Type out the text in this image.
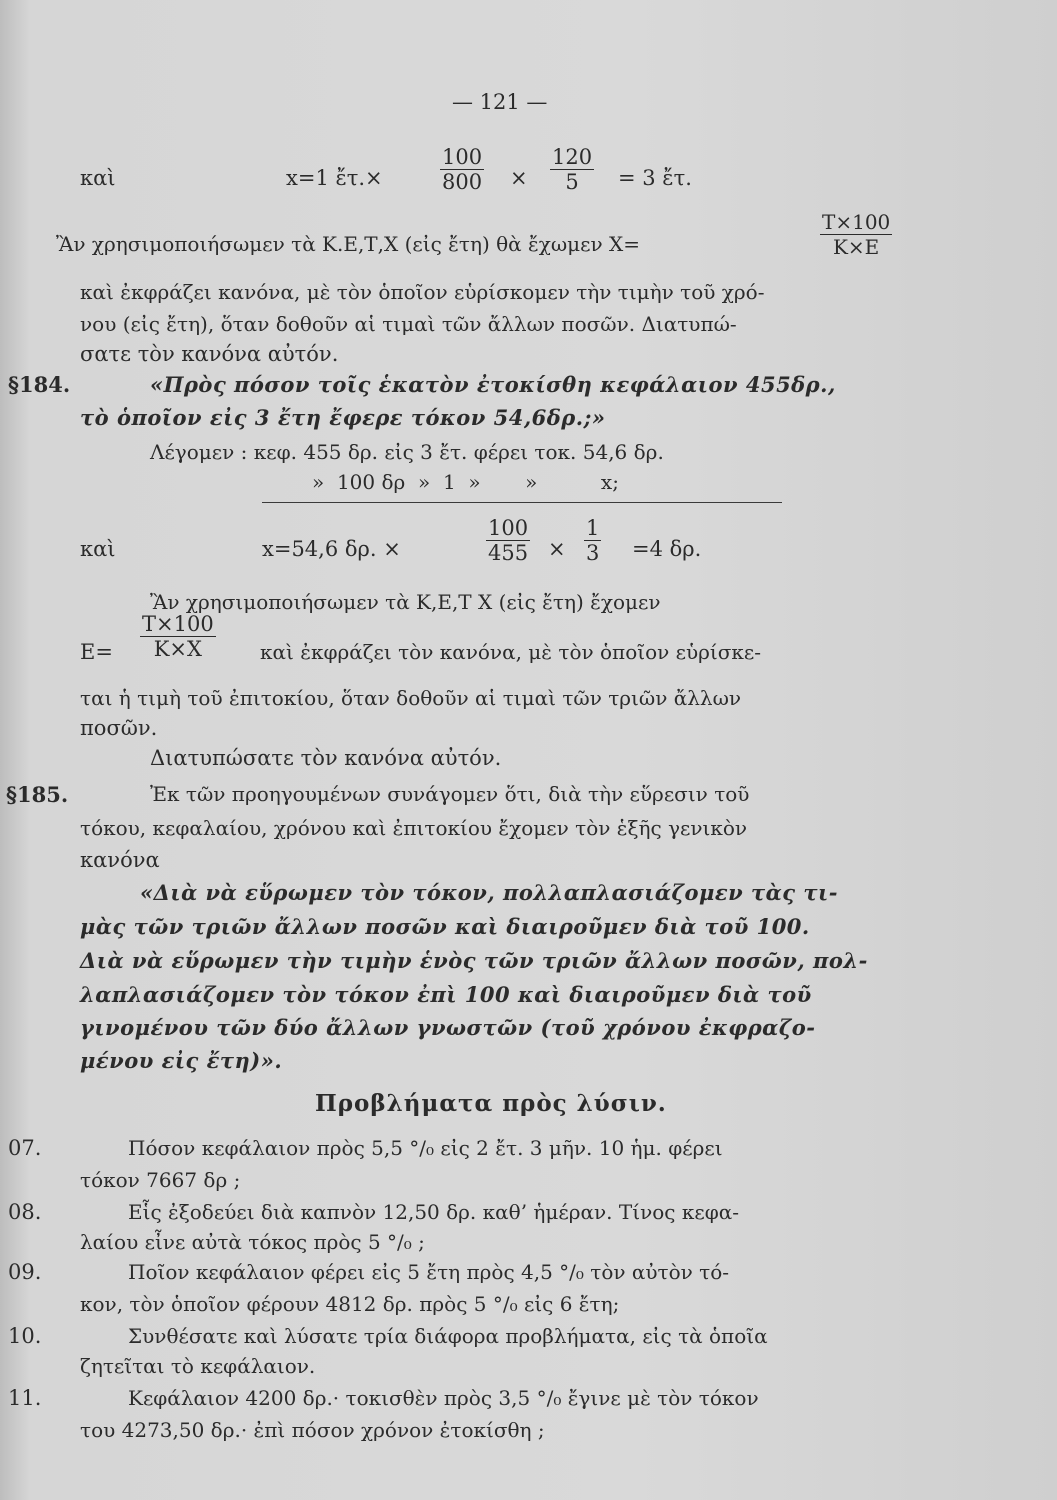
— 121 —
καὶ	x=1 ἔτ.×	$\frac{100}{800} \times \frac{120}{5} = 3$ ἔτ.
Ἂν χρησιμοποιήσωμεν τὰ Κ.Ε,Τ,Χ (εἰς ἔτη) θὰ ἔχωμεν Χ=	$\frac{T\times 100}{K\times E}$
καὶ ἐκφράζει κανόνα, μὲ τὸν ὁποῖον εὑρίσκομεν τὴν τιμὴν τοῦ χρό-
νου (εἰς ἔτη), ὅταν δοθοῦν αἱ τιμαὶ τῶν ἄλλων ποσῶν. Διατυπώ-
σατε τὸν κανόνα αὐτόν.
§184.	«Πρὸς πόσον τοῖς ἑκατὸν ἐτοκίσθη κεφάλαιον 455δρ.,
τὸ ὁποῖον εἰς 3 ἔτη ἔφερε τόκον 54,6δρ.;»
Λέγομεν : κεφ. 455 δρ. εἰς 3 ἔτ. φέρει τοκ. 54,6 δρ.
»  100 δρ  »  1  »       »          x;
καὶ	x=54,6 δρ. ×	$\frac{100}{455} \times \frac{1}{3} =4$ δρ.
Ἂν χρησιμοποιήσωμεν τὰ Κ,Ε,Τ Χ (εἰς ἔτη) ἔχομεν
$E= \frac{T\times 100}{K\times X}$ καὶ ἐκφράζει τὸν κανόνα, μὲ τὸν ὁποῖον εὑρίσκε-
ται ἡ τιμὴ τοῦ ἐπιτοκίου, ὅταν δοθοῦν αἱ τιμαὶ τῶν τριῶν ἄλλων
ποσῶν.
Διατυπώσατε τὸν κανόνα αὐτόν.
§185.	Ἐκ τῶν προηγουμένων συνάγομεν ὅτι, διὰ τὴν εὕρεσιν τοῦ
τόκου, κεφαλαίου, χρόνου καὶ ἐπιτοκίου ἔχομεν τὸν ἑξῆς γενικὸν
κανόνα
«Διὰ νὰ εὕρωμεν τὸν τόκον, πολλαπλασιάζομεν τὰς τι-
μὰς τῶν τριῶν ἄλλων ποσῶν καὶ διαιροῦμεν διὰ τοῦ 100.
Διὰ νὰ εὕρωμεν τὴν τιμὴν ἑνὸς τῶν τριῶν ἄλλων ποσῶν, πολ-
λαπλασιάζομεν τὸν τόκον ἐπὶ 100 καὶ διαιροῦμεν διὰ τοῦ
γινομένου τῶν δύο ἄλλων γνωστῶν (τοῦ χρόνου ἐκφραζο-
μένου εἰς ἔτη)».
Προβλήματα πρὸς λύσιν.
07.	Πόσον κεφάλαιον πρὸς 5,5 °/₀ εἰς 2 ἔτ. 3 μῆν. 10 ἡμ. φέρει
τόκον 7667 δρ ;
08.	Εἷς ἐξοδεύει διὰ καπνὸν 12,50 δρ. καθ’ ἡμέραν. Τίνος κεφα-
λαίου εἶνε αὐτὰ τόκος πρὸς 5 °/₀ ;
09.	Ποῖον κεφάλαιον φέρει εἰς 5 ἔτη πρὸς 4,5 °/₀ τὸν αὐτὸν τό-
κον, τὸν ὁποῖον φέρουν 4812 δρ. πρὸς 5 °/₀ εἰς 6 ἔτη;
10.	Συνθέσατε καὶ λύσατε τρία διάφορα προβλήματα, εἰς τὰ ὁποῖα
ζητεῖται τὸ κεφάλαιον.
11.	Κεφάλαιον 4200 δρ.· τοκισθὲν πρὸς 3,5 °/₀ ἔγινε μὲ τὸν τόκον
του 4273,50 δρ.· ἐπὶ πόσον χρόνον ἐτοκίσθη ;
